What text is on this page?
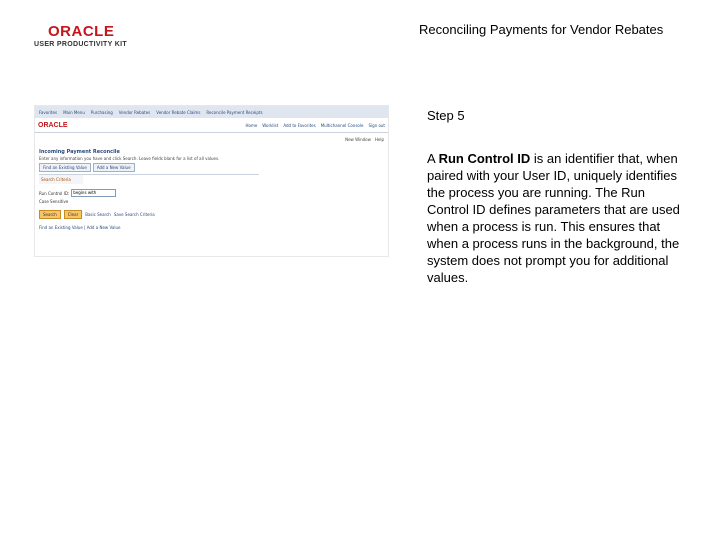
ORACLE
USER PRODUCTIVITY KIT
Reconciling Payments for Vendor Rebates
Favorites Main Menu Purchasing Vendor Rebates Vendor Rebate Claims Reconcile Payment Receipts
ORACLE	Home Worklist Add to Favorites Multichannel Console Sign out
New Window Help
Incoming Payment Reconcile
Enter any information you have and click Search. Leave fields blank for a list of all values.
Find an Existing Value	Add a New Value
Search Criteria
Run Control ID:	begins with
Case Sensitive
Search	Clear	Basic Search Save Search Criteria
Find an Existing Value | Add a New Value
Step 5
A Run Control ID is an identifier that, when paired with your User ID, uniquely identifies the process you are running. The Run Control ID defines parameters that are used when a process is run. This ensures that when a process runs in the background, the system does not prompt you for additional values.
